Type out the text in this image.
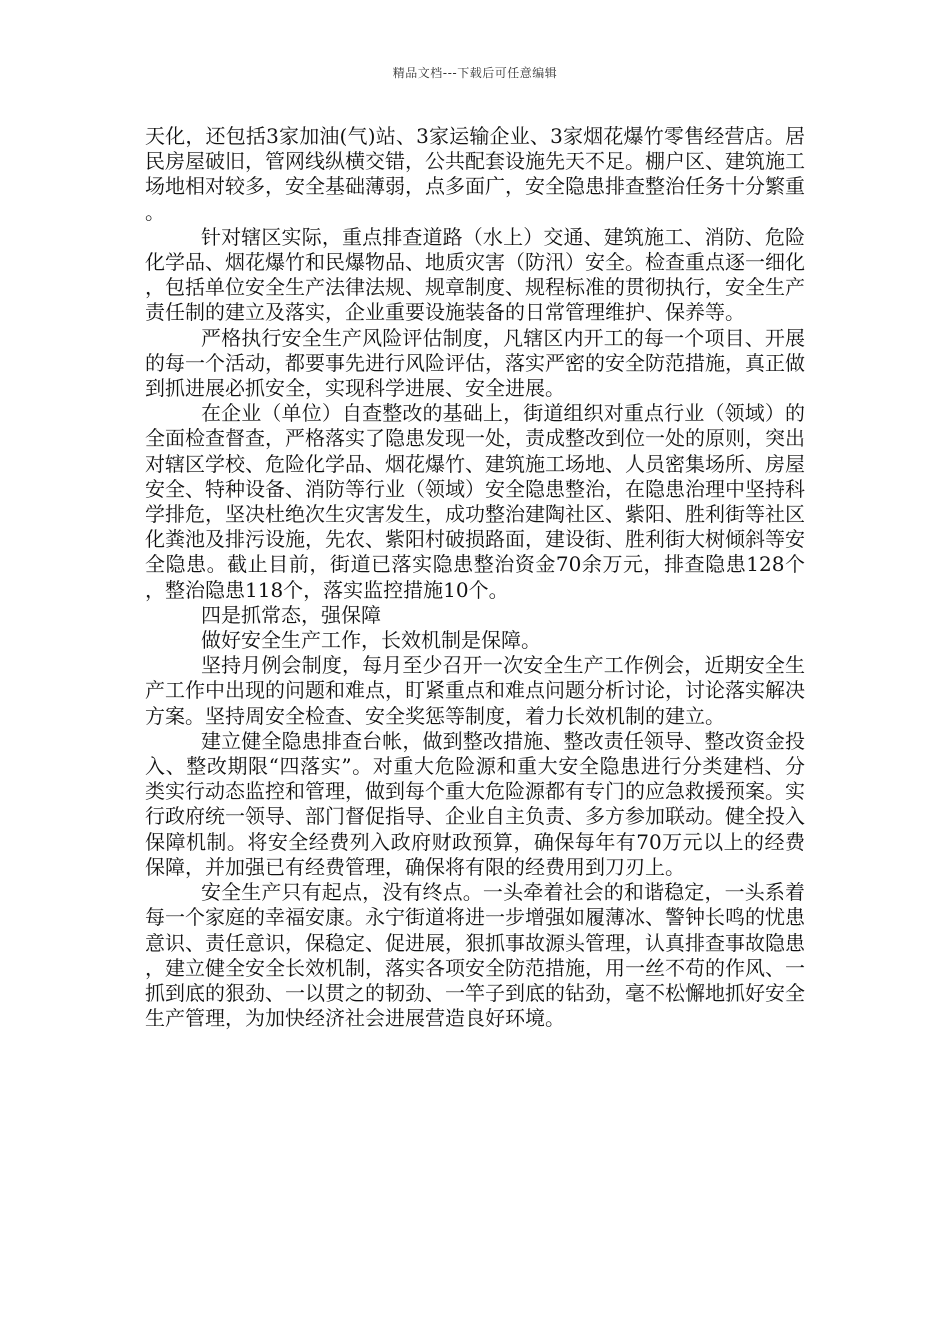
精品文档---下载后可任意编辑

天化，还包括3家加油(气)站、3家运输企业、3家烟花爆竹零售经营店。居民房屋破旧，管网线纵横交错，公共配套设施先天不足。棚户区、建筑施工场地相对较多，安全基础薄弱，点多面广，安全隐患排查整治任务十分繁重。

针对辖区实际，重点排查道路（水上）交通、建筑施工、消防、危险化学品、烟花爆竹和民爆物品、地质灾害（防汛）安全。检查重点逐一细化，包括单位安全生产法律法规、规章制度、规程标准的贯彻执行，安全生产责任制的建立及落实，企业重要设施装备的日常管理维护、保养等。

严格执行安全生产风险评估制度，凡辖区内开工的每一个项目、开展的每一个活动，都要事先进行风险评估，落实严密的安全防范措施，真正做到抓进展必抓安全，实现科学进展、安全进展。

在企业（单位）自查整改的基础上，街道组织对重点行业（领域）的全面检查督查，严格落实了隐患发现一处，责成整改到位一处的原则，突出对辖区学校、危险化学品、烟花爆竹、建筑施工场地、人员密集场所、房屋安全、特种设备、消防等行业（领域）安全隐患整治，在隐患治理中坚持科学排危，坚决杜绝次生灾害发生，成功整治建陶社区、紫阳、胜利街等社区化粪池及排污设施，先农、紫阳村破损路面，建设街、胜利街大树倾斜等安全隐患。截止目前，街道已落实隐患整治资金70余万元，排查隐患128个，整治隐患118个，落实监控措施10个。

四是抓常态，强保障

做好安全生产工作，长效机制是保障。

坚持月例会制度，每月至少召开一次安全生产工作例会，近期安全生产工作中出现的问题和难点，盯紧重点和难点问题分析讨论，讨论落实解决方案。坚持周安全检查、安全奖惩等制度，着力长效机制的建立。

建立健全隐患排查台帐，做到整改措施、整改责任领导、整改资金投入、整改期限“四落实”。对重大危险源和重大安全隐患进行分类建档、分类实行动态监控和管理，做到每个重大危险源都有专门的应急救援预案。实行政府统一领导、部门督促指导、企业自主负责、多方参加联动。健全投入保障机制。将安全经费列入政府财政预算，确保每年有70万元以上的经费保障，并加强已有经费管理，确保将有限的经费用到刀刃上。

安全生产只有起点，没有终点。一头牵着社会的和谐稳定，一头系着每一个家庭的幸福安康。永宁街道将进一步增强如履薄冰、警钟长鸣的忧患意识、责任意识，保稳定、促进展，狠抓事故源头管理，认真排查事故隐患，建立健全安全长效机制，落实各项安全防范措施，用一丝不苟的作风、一抓到底的狠劲、一以贯之的韧劲、一竿子到底的钻劲，毫不松懈地抓好安全生产管理，为加快经济社会进展营造良好环境。
